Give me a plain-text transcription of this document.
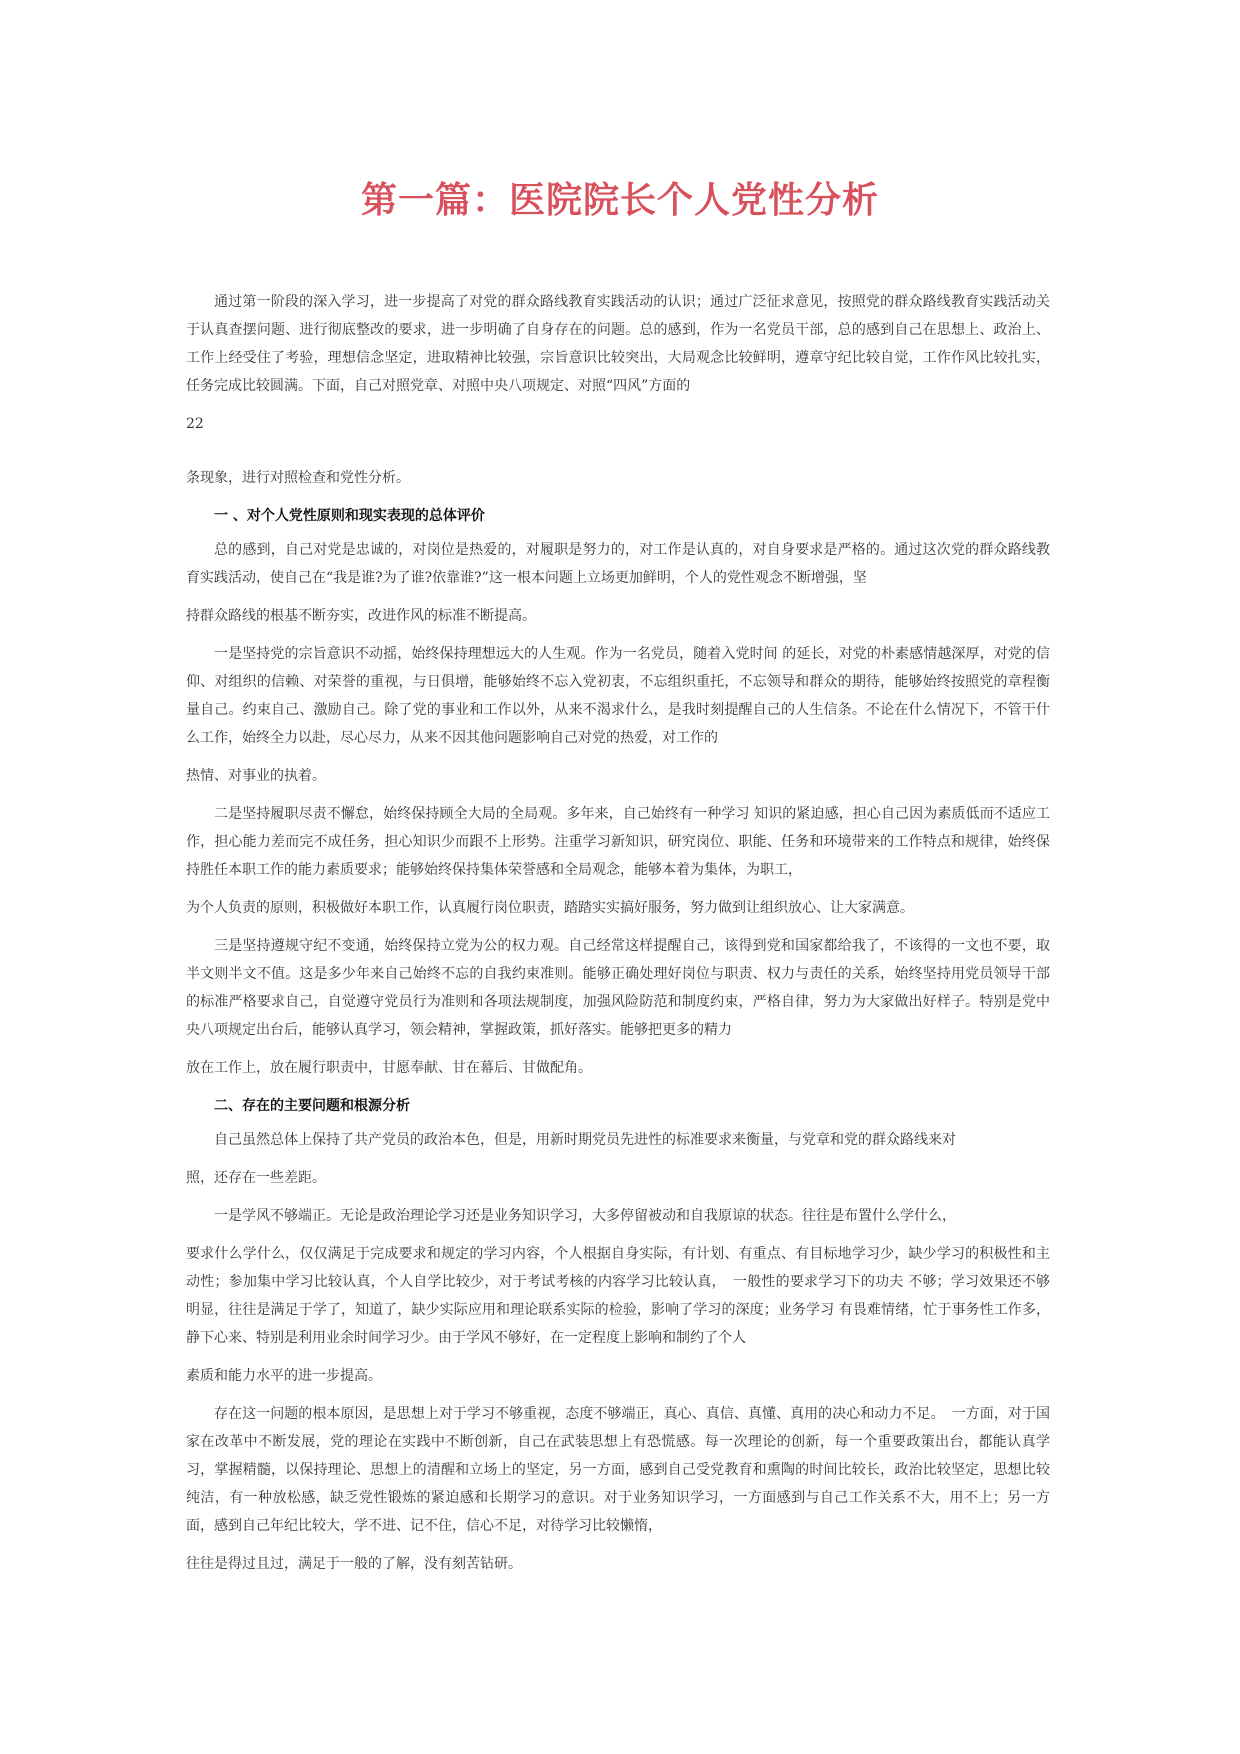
第一篇：医院院长个人党性分析

通过第一阶段的深入学习，进一步提高了对党的群众路线教育实践活动的认识；通过广泛征求意见，按照党的群众路线教育实践活动关于认真查摆问题、进行彻底整改的要求，进一步明确了自身存在的问题。总的感到，作为一名党员干部，总的感到自己在思想上、政治上、工作上经受住了考验，理想信念坚定，进取精神比较强，宗旨意识比较突出，大局观念比较鲜明，遵章守纪比较自觉，工作作风比较扎实，任务完成比较圆满。下面，自己对照党章、对照中央八项规定、对照“四风”方面的

22

条现象，进行对照检查和党性分析。

一 、对个人党性原则和现实表现的总体评价

总的感到，自己对党是忠诚的，对岗位是热爱的，对履职是努力的，对工作是认真的，对自身要求是严格的。通过这次党的群众路线教育实践活动，使自己在“我是谁?为了谁?依靠谁?”这一根本问题上立场更加鲜明，个人的党性观念不断增强，坚

持群众路线的根基不断夯实，改进作风的标准不断提高。

一是坚持党的宗旨意识不动摇，始终保持理想远大的人生观。作为一名党员，随着入党时间 的延长，对党的朴素感情越深厚，对党的信仰、对组织的信赖、对荣誉的重视，与日俱增，能够始终不忘入党初衷，不忘组织重托，不忘领导和群众的期待，能够始终按照党的章程衡量自己。约束自己、激励自己。除了党的事业和工作以外，从来不渴求什么，是我时刻提醒自己的人生信条。不论在什么情况下，不管干什么工作，始终全力以赴，尽心尽力，从来不因其他问题影响自己对党的热爱，对工作的

热情、对事业的执着。

二是坚持履职尽责不懈怠，始终保持顾全大局的全局观。多年来，自己始终有一种学习 知识的紧迫感，担心自己因为素质低而不适应工作，担心能力差而完不成任务，担心知识少而跟不上形势。注重学习新知识，研究岗位、职能、任务和环境带来的工作特点和规律，始终保持胜任本职工作的能力素质要求；能够始终保持集体荣誉感和全局观念，能够本着为集体，为职工，

为个人负责的原则，积极做好本职工作，认真履行岗位职责，踏踏实实搞好服务，努力做到让组织放心、让大家满意。

三是坚持遵规守纪不变通，始终保持立党为公的权力观。自己经常这样提醒自己，该得到党和国家都给我了，不该得的一文也不要，取半文则半文不值。这是多少年来自己始终不忘的自我约束准则。能够正确处理好岗位与职责、权力与责任的关系，始终坚持用党员领导干部的标准严格要求自己，自觉遵守党员行为准则和各项法规制度，加强风险防范和制度约束，严格自律，努力为大家做出好样子。特别是党中央八项规定出台后，能够认真学习，领会精神，掌握政策，抓好落实。能够把更多的精力

放在工作上，放在履行职责中，甘愿奉献、甘在幕后、甘做配角。

二、存在的主要问题和根源分析

自己虽然总体上保持了共产党员的政治本色，但是，用新时期党员先进性的标准要求来衡量，与党章和党的群众路线来对

照，还存在一些差距。

一是学风不够端正。无论是政治理论学习还是业务知识学习，大多停留被动和自我原谅的状态。往往是布置什么学什么，

要求什么学什么，仅仅满足于完成要求和规定的学习内容，个人根据自身实际，有计划、有重点、有目标地学习少，缺少学习的积极性和主动性；参加集中学习比较认真，个人自学比较少，对于考试考核的内容学习比较认真，　一般性的要求学习下的功夫 不够；学习效果还不够明显，往往是满足于学了，知道了，缺少实际应用和理论联系实际的检验，影响了学习的深度；业务学习 有畏难情绪，忙于事务性工作多，静下心来、特别是利用业余时间学习少。由于学风不够好，在一定程度上影响和制约了个人

素质和能力水平的进一步提高。

存在这一问题的根本原因，是思想上对于学习不够重视，态度不够端正，真心、真信、真懂、真用的决心和动力不足。　一方面，对于国家在改革中不断发展，党的理论在实践中不断创新，自己在武装思想上有恐慌感。每一次理论的创新，每一个重要政策出台，都能认真学习，掌握精髓，以保持理论、思想上的清醒和立场上的坚定，另一方面，感到自己受党教育和熏陶的时间比较长，政治比较坚定，思想比较纯洁，有一种放松感，缺乏党性锻炼的紧迫感和长期学习的意识。对于业务知识学习，一方面感到与自己工作关系不大，用不上；另一方面，感到自己年纪比较大，学不进、记不住，信心不足，对待学习比较懒惰，

往往是得过且过，满足于一般的了解，没有刻苦钻研。
